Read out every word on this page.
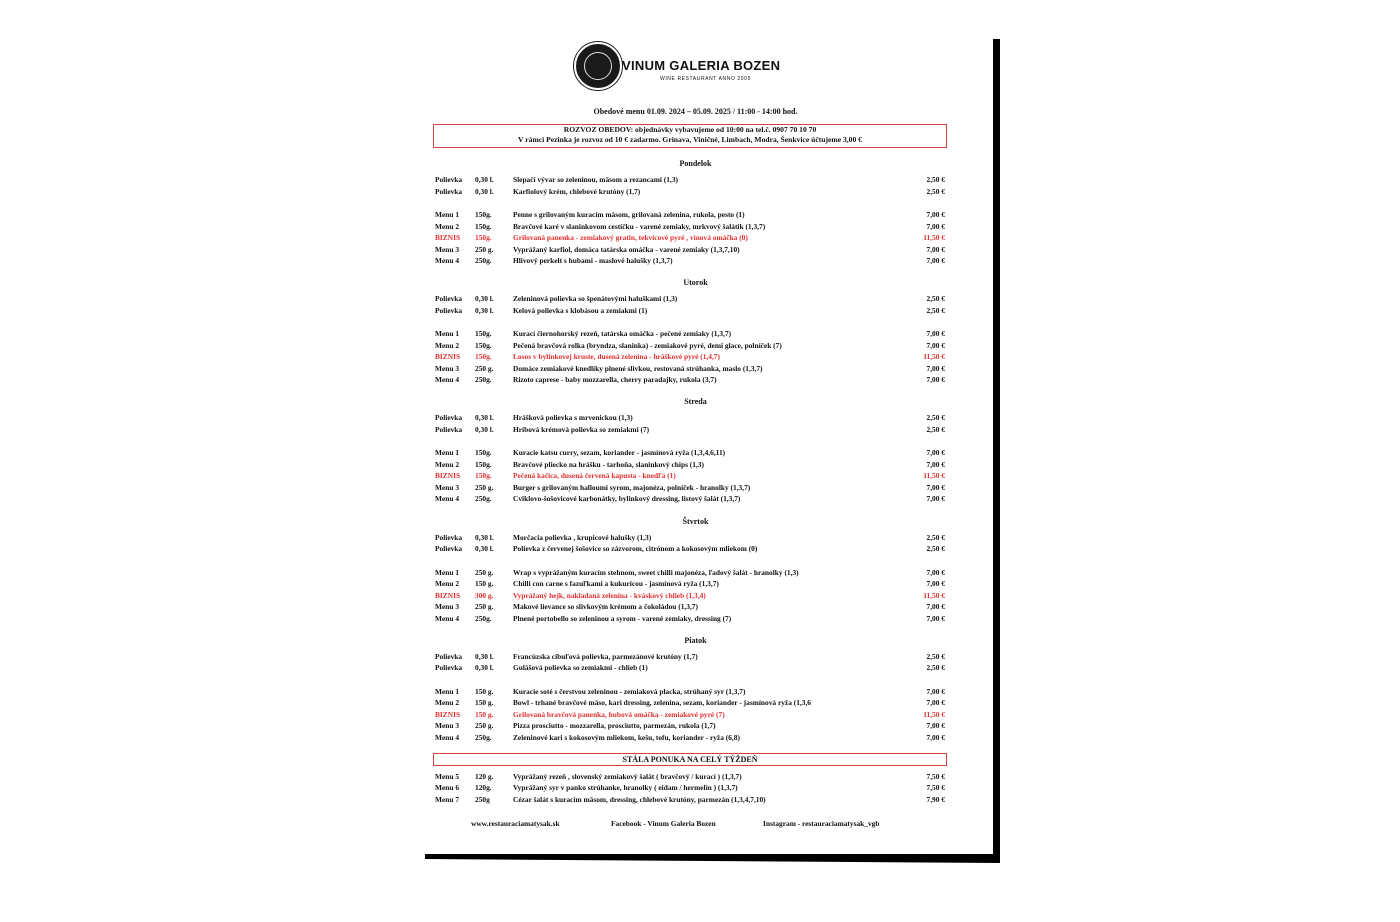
VINUM GALERIA BOZEN
WINE RESTAURANT ANNO 2005
Obedové menu 01.09. 2024 – 05.09. 2025 / 11:00 - 14:00 hod.
ROZVOZ OBEDOV: objednávky vybavujeme od 10:00 na tel.č. 0907 70 10 70
V rámci Pezinka je rozvoz od 10 € zadarmo. Grinava, Viničné, Limbach, Modra, Šenkvice účtujeme 3,00 €
Pondelok
Polievka 0,30 l.	Slepačí vývar so zeleninou, mäsom a rezancami (1,3)	2,50 €
Polievka 0,30 l.	Karfiolový krém, chlebové krutóny (1,7)	2,50 €
Menu 1 150g.	Penne s grilovaným kuracím mäsom, grilovaná zelenina, rukola, pesto (1)	7,00 €
Menu 2 150g.	Bravčové karé v slaninkovom cestíčku - varené zemiaky, mrkvový šalátik (1,3,7)	7,00 €
BIZNIS 150g.	Grilovaná panenka - zemiakový gratin, tekvicové pyré , vínová omáčka (0)	11,50 €
Menu 3 250 g.	Vyprážaný karfiol, domáca tatárska omáčka - varené zemiaky (1,3,7,10)	7,00 €
Menu 4 250g.	Hlivový perkelt s hubami - maslové halušky (1,3,7)	7,00 €
Utorok
Polievka 0,30 l.	Zeleninová polievka so špenátovými haluškami (1,3)	2,50 €
Polievka 0,30 l.	Kelová polievka s klobásou a zemiakmi (1)	2,50 €
Menu 1 150g.	Kurací čiernohorský rezeň, tatárska omáčka - pečené zemiaky (1,3,7)	7,00 €
Menu 2 150g.	Pečená bravčová rolka (bryndza, slaninka) - zemiakové pyré, demi glace, polníček (7)	7,00 €
BIZNIS 150g.	Losos v bylinkovej kruste, dusená zelenina - hráškové pyré (1,4,7)	11,50 €
Menu 3 250 g.	Domáce zemiakové knedlíky plnené slivkou, restovaná strúhanka, maslo (1,3,7)	7,00 €
Menu 4 250g.	Rizoto caprese - baby mozzarella, cherry paradajky, rukola (3,7)	7,00 €
Streda
Polievka 0,30 l.	Hrášková polievka s mrvenickou (1,3)	2,50 €
Polievka 0,30 l.	Hríbová krémová polievka so zemiakmi (7)	2,50 €
Menu 1 150g.	Kuracie katsu curry, sezam, koriander - jasmínová ryža (1,3,4,6,11)	7,00 €
Menu 2 150g.	Bravčové pliecko na hrášku - tarhoňa, slaninkový chips (1,3)	7,00 €
BIZNIS 150g.	Pečená kačica, dusená červená kapusta - knedľa (1)	11,50 €
Menu 3 250 g.	Burger s grilovaným halloumi syrom, majonéza, polníček - hranolky (1,3,7)	7,00 €
Menu 4 250g.	Cviklovo-šošovicové karbonátky, bylinkový dressing, listový šalát (1,3,7)	7,00 €
Štvrtok
Polievka 0,30 l.	Morčacia polievka , krupicové halušky (1,3)	2,50 €
Polievka 0,30 l.	Polievka z červenej šošovice so zázvorom, citrónom a kokosovým mliekom (0)	2,50 €
Menu 1 250 g.	Wrap s vyprážaným kuracím stehnom, sweet chilli majonéza, ľadový šalát - hranolky (1,3)	7,00 €
Menu 2 150 g.	Chilli con carne s fazuľkami a kukuricou - jasmínová ryža (1,3,7)	7,00 €
BIZNIS 300 g.	Vyprážaný hejk, nakladaná zelenina - kváskový chlieb (1,3,4)	11,50 €
Menu 3 250 g.	Makové lievance so slivkovým krémom a čokoládou (1,3,7)	7,00 €
Menu 4 250g.	Plnené portobello so zeleninou a syrom - varené zemiaky, dressing (7)	7,00 €
Piatok
Polievka 0,30 l.	Francúzska cibuľová polievka, parmezánové krutóny (1,7)	2,50 €
Polievka 0,30 l.	Gulášová polievka so zemiakmi - chlieb (1)	2,50 €
Menu 1 150 g.	Kuracie soté s čerstvou zeleninou - zemiaková placka, strúhaný syr (1,3,7)	7,00 €
Menu 2 150 g.	Bowl - trhané bravčové mäso, kari dressing, zelenina, sezam, koriander - jasmínová ryža (1,3,6	7,00 €
BIZNIS 150 g.	Grilovaná bravčová panenka, hubová omáčka - zemiakové pyré (7)	11,50 €
Menu 3 250 g.	Pizza prosciutto - mozzarella, prosciutto, parmezán, rukola (1,7)	7,00 €
Menu 4 250g.	Zeleninové kari s kokosovým mliekom, kešu, tofu, koriander - ryža (6,8)	7,00 €
STÁLA PONUKA NA CELÝ TÝŽDEŇ
Menu 5 120 g.	Vyprážaný rezeň , slovenský zemiakový šalát ( bravčový / kurací ) (1,3,7)	7,50 €
Menu 6 120g.	Vyprážaný syr v panko strúhanke, hranolky ( eidam / hermelín ) (1,3,7)	7,50 €
Menu 7 250g	Cézar šalát s kuracím mäsom, dressing, chlebové krutóny, parmezán (1,3,4,7,10)	7,90 €
www.restauraciamatysak.sk	Facebook - Vinum Galeria Bozen	Instagram - restauraciamatysak_vgb
